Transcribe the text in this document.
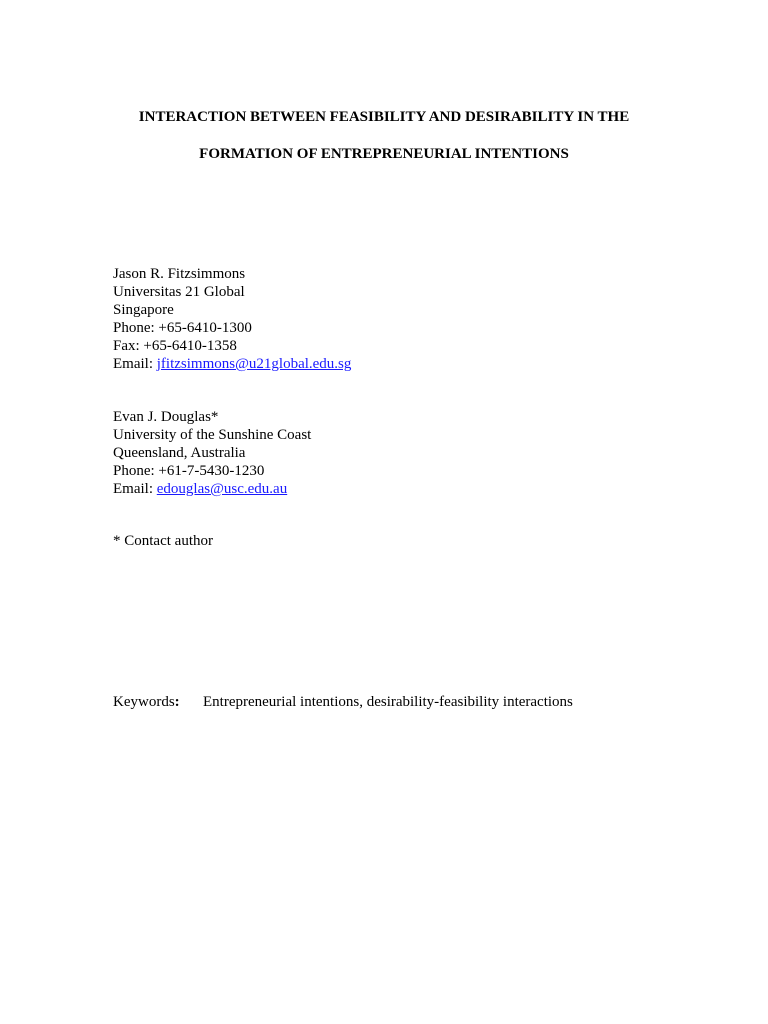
INTERACTION BETWEEN FEASIBILITY AND DESIRABILITY IN THE
FORMATION OF ENTREPRENEURIAL INTENTIONS
Jason R. Fitzsimmons
Universitas 21 Global
Singapore
Phone: +65-6410-1300
Fax: +65-6410-1358
Email: jfitzsimmons@u21global.edu.sg
Evan J. Douglas*
University of the Sunshine Coast
Queensland, Australia
Phone: +61-7-5430-1230
Email: edouglas@usc.edu.au
* Contact author
Keywords:	Entrepreneurial intentions, desirability-feasibility interactions
